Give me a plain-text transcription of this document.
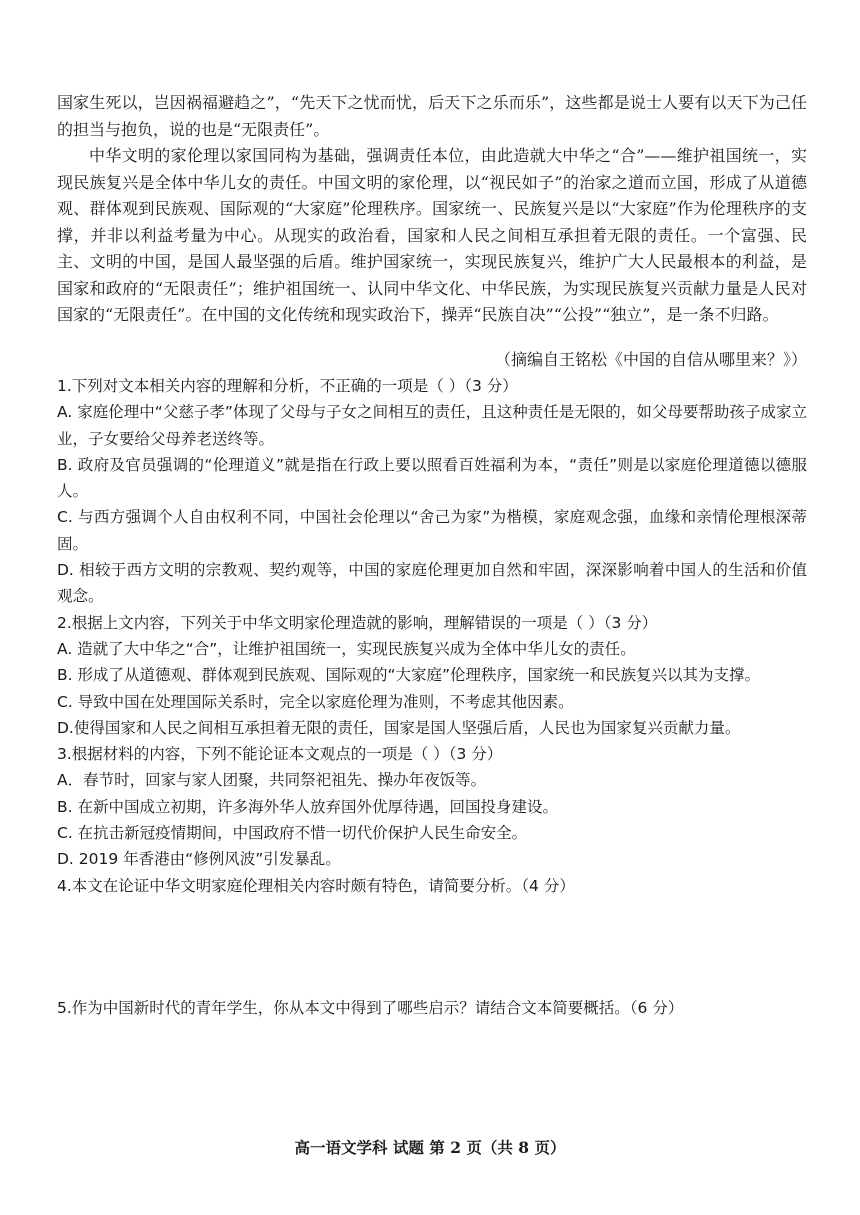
国家生死以，岂因祸福避趋之”，“先天下之忧而忧，后天下之乐而乐”，这些都是说士人要有以天下为己任的担当与抱负，说的也是“无限责任”。

中华文明的家伦理以家国同构为基础，强调责任本位，由此造就大中华之“合”——维护祖国统一，实现民族复兴是全体中华儿女的责任。中国文明的家伦理，以“视民如子”的治家之道而立国，形成了从道德观、群体观到民族观、国际观的“大家庭”伦理秩序。国家统一、民族复兴是以“大家庭”作为伦理秩序的支撑，并非以利益考量为中心。从现实的政治看，国家和人民之间相互承担着无限的责任。一个富强、民主、文明的中国，是国人最坚强的后盾。维护国家统一，实现民族复兴，维护广大人民最根本的利益，是国家和政府的“无限责任”；维护祖国统一、认同中华文化、中华民族，为实现民族复兴贡献力量是人民对国家的“无限责任”。在中国的文化传统和现实政治下，操弄“民族自决”“公投”“独立”，是一条不归路。

（摘编自王铭松《中国的自信从哪里来？》）

1.下列对文本相关内容的理解和分析，不正确的一项是（ ）（3 分）

A. 家庭伦理中“父慈子孝”体现了父母与子女之间相互的责任，且这种责任是无限的，如父母要帮助孩子成家立业，子女要给父母养老送终等。

B. 政府及官员强调的“伦理道义”就是指在行政上要以照看百姓福利为本，“责任”则是以家庭伦理道德以德服人。

C. 与西方强调个人自由权利不同，中国社会伦理以“舍己为家”为楷模，家庭观念强，血缘和亲情伦理根深蒂固。

D. 相较于西方文明的宗教观、契约观等，中国的家庭伦理更加自然和牢固，深深影响着中国人的生活和价值观念。

2.根据上文内容，下列关于中华文明家伦理造就的影响，理解错误的一项是（ ）（3 分）

A. 造就了大中华之“合”，让维护祖国统一，实现民族复兴成为全体中华儿女的责任。

B. 形成了从道德观、群体观到民族观、国际观的“大家庭”伦理秩序，国家统一和民族复兴以其为支撑。

C. 导致中国在处理国际关系时，完全以家庭伦理为准则，不考虑其他因素。

D.使得国家和人民之间相互承担着无限的责任，国家是国人坚强后盾，人民也为国家复兴贡献力量。

3.根据材料的内容，下列不能论证本文观点的一项是（ ）（3 分）

A．春节时，回家与家人团聚，共同祭祀祖先、操办年夜饭等。

B. 在新中国成立初期，许多海外华人放弃国外优厚待遇，回国投身建设。

C. 在抗击新冠疫情期间，中国政府不惜一切代价保护人民生命安全。

D. 2019 年香港由“修例风波”引发暴乱。

4.本文在论证中华文明家庭伦理相关内容时颇有特色，请简要分析。（4 分）

5.作为中国新时代的青年学生，你从本文中得到了哪些启示？请结合文本简要概括。（6 分）
高一语文学科 试题 第 2 页（共 8 页）
